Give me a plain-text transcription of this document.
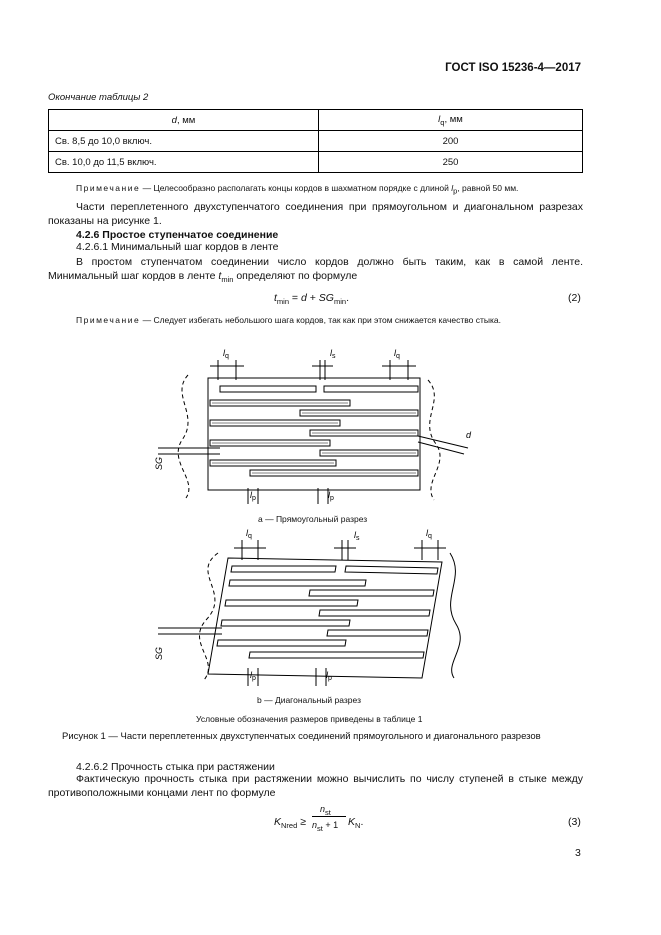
ГОСТ ISO 15236-4—2017
Окончание таблицы 2
d, мм	$l_q$, мм
Св. 8,5 до 10,0 включ.	200
Св. 10,0 до 11,5 включ.	250
Примечание — Целесообразно располагать концы кордов в шахматном порядке с длиной $l_p$, равной 50 мм.
Части переплетенного двухступенчатого соединения при прямоугольном и диагональном разрезах показаны на рисунке 1.
4.2.6 Простое ступенчатое соединение
4.2.6.1 Минимальный шаг кордов в ленте
В простом ступенчатом соединении число кордов должно быть таким, как в самой ленте. Минимальный шаг кордов в ленте $t_{min}$ определяют по формуле
$t_{min} = d + SG_{min}$.	(2)
Примечание — Следует избегать небольшого шага кордов, так как при этом снижается качество стыка.
$l_q$	$l_s$	$l_q$
$l_p$	$l_p$
d
SG
a — Прямоугольный разрез
$l_q$	$l_s$
$l_q$
$l_p$	$l_p$
SG
b — Диагональный разрез
Условные обозначения размеров приведены в таблице 1
Рисунок 1 — Части переплетенных двухступенчатых соединений прямоугольного и диагонального разрезов
4.2.6.2 Прочность стыка при растяжении
Фактическую прочность стыка при растяжении можно вычислить по числу ступеней в стыке между противоположными концами лент по формуле
$K_{Nred}$ ≥
$n_{st}$
$n_{st} + 1$ $K_N$.	(3)
3
